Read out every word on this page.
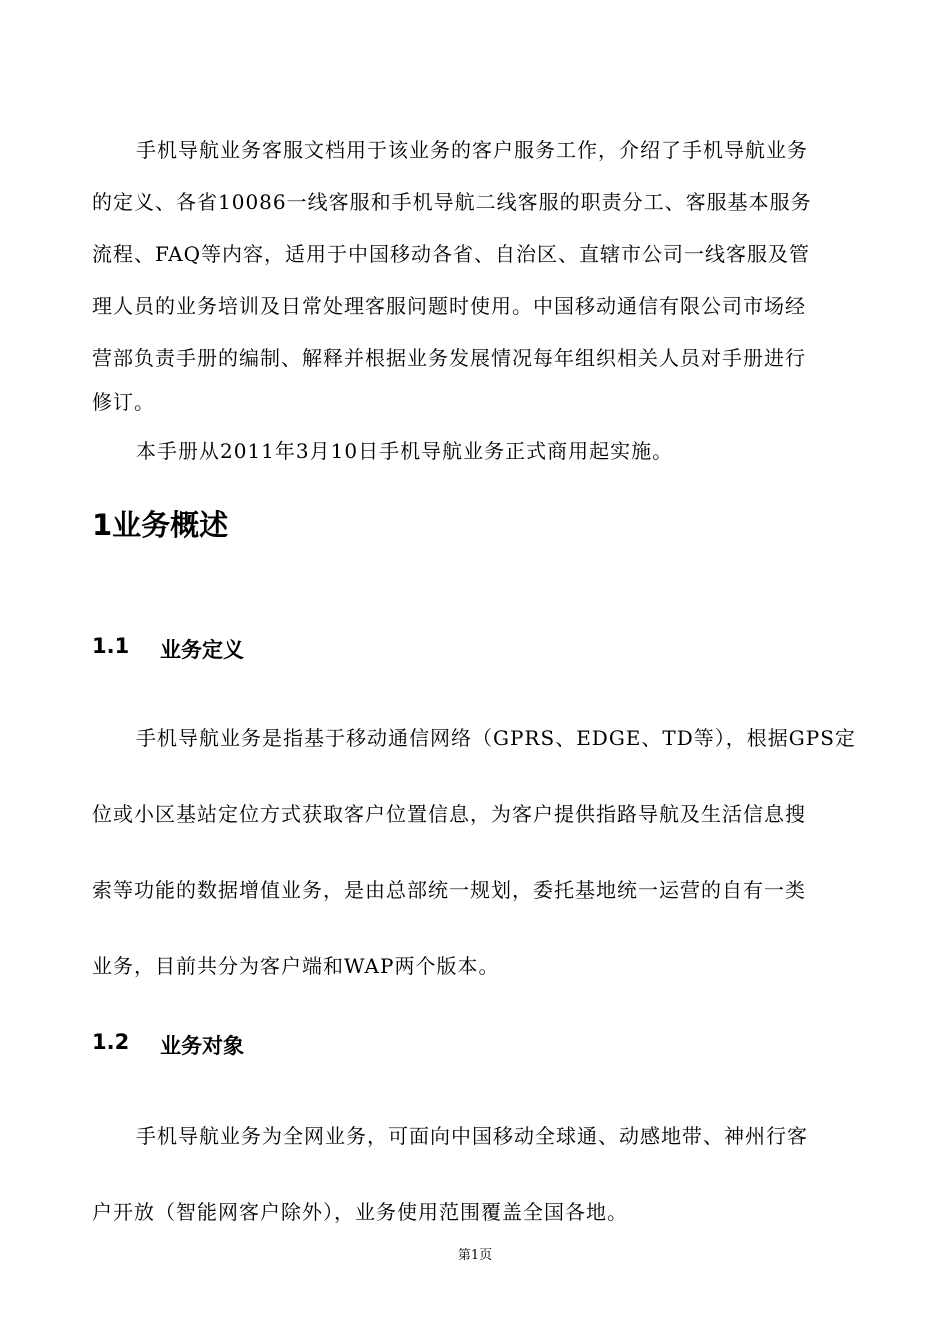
手机导航业务客服文档用于该业务的客户服务工作，介绍了手机导航业务
的定义、各省10086一线客服和手机导航二线客服的职责分工、客服基本服务
流程、FAQ等内容，适用于中国移动各省、自治区、直辖市公司一线客服及管
理人员的业务培训及日常处理客服问题时使用。中国移动通信有限公司市场经
营部负责手册的编制、解释并根据业务发展情况每年组织相关人员对手册进行
修订。
本手册从2011年3月10日手机导航业务正式商用起实施。
1业务概述
1.1 业务定义
手机导航业务是指基于移动通信网络（GPRS、EDGE、TD等），根据GPS定
位或小区基站定位方式获取客户位置信息，为客户提供指路导航及生活信息搜
索等功能的数据增值业务，是由总部统一规划，委托基地统一运营的自有一类
业务，目前共分为客户端和WAP两个版本。
1.2 业务对象
手机导航业务为全网业务，可面向中国移动全球通、动感地带、神州行客
户开放（智能网客户除外），业务使用范围覆盖全国各地。
第1页
